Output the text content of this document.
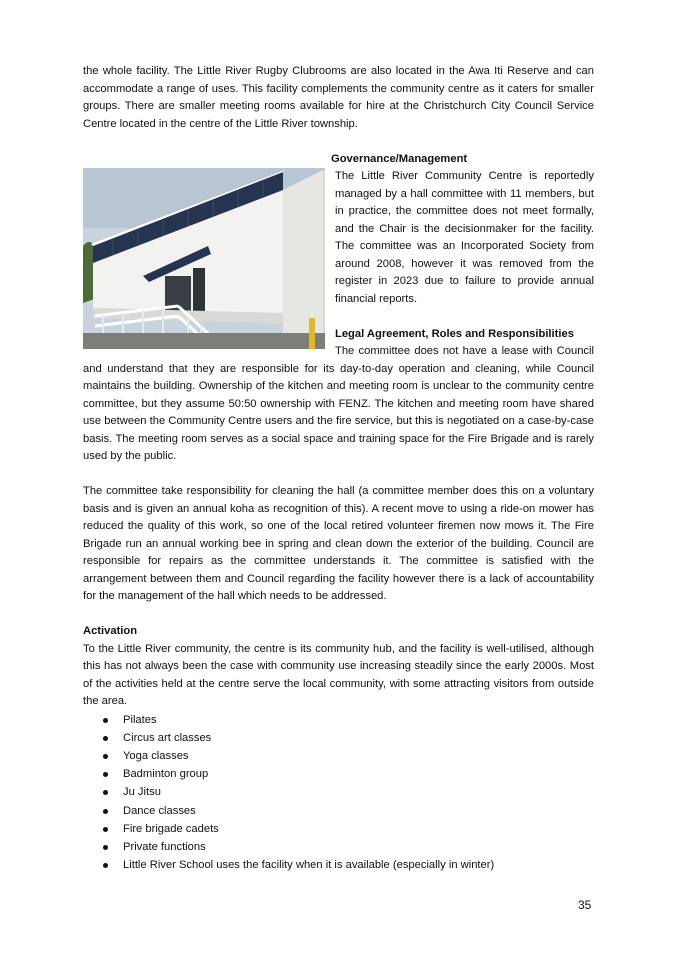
the whole facility. The Little River Rugby Clubrooms are also located in the Awa Iti Reserve and can accommodate a range of uses. This facility complements the community centre as it caters for smaller groups. There are smaller meeting rooms available for hire at the Christchurch City Council Service Centre located in the centre of the Little River township.

Governance/Management

The Little River Community Centre is reportedly managed by a hall committee with 11 members, but in practice, the committee does not meet formally, and the Chair is the decisionmaker for the facility. The committee was an Incorporated Society from around 2008, however it was removed from the register in 2023 due to failure to provide annual financial reports.

Legal Agreement, Roles and Responsibilities

The committee does not have a lease with Council and understand that they are responsible for its day-to-day operation and cleaning, while Council maintains the building. Ownership of the kitchen and meeting room is unclear to the community centre committee, but they assume 50:50 ownership with FENZ. The kitchen and meeting room have shared use between the Community Centre users and the fire service, but this is negotiated on a case-by-case basis. The meeting room serves as a social space and training space for the Fire Brigade and is rarely used by the public.

The committee take responsibility for cleaning the hall (a committee member does this on a voluntary basis and is given an annual koha as recognition of this). A recent move to using a ride-on mower has reduced the quality of this work, so one of the local retired volunteer firemen now mows it. The Fire Brigade run an annual working bee in spring and clean down the exterior of the building. Council are responsible for repairs as the committee understands it. The committee is satisfied with the arrangement between them and Council regarding the facility however there is a lack of accountability for the management of the hall which needs to be addressed.

Activation

To the Little River community, the centre is its community hub, and the facility is well-utilised, although this has not always been the case with community use increasing steadily since the early 2000s. Most of the activities held at the centre serve the local community, with some attracting visitors from outside the area.

Pilates
Circus art classes
Yoga classes
Badminton group
Ju Jitsu
Dance classes
Fire brigade cadets
Private functions
Little River School uses the facility when it is available (especially in winter)
35
